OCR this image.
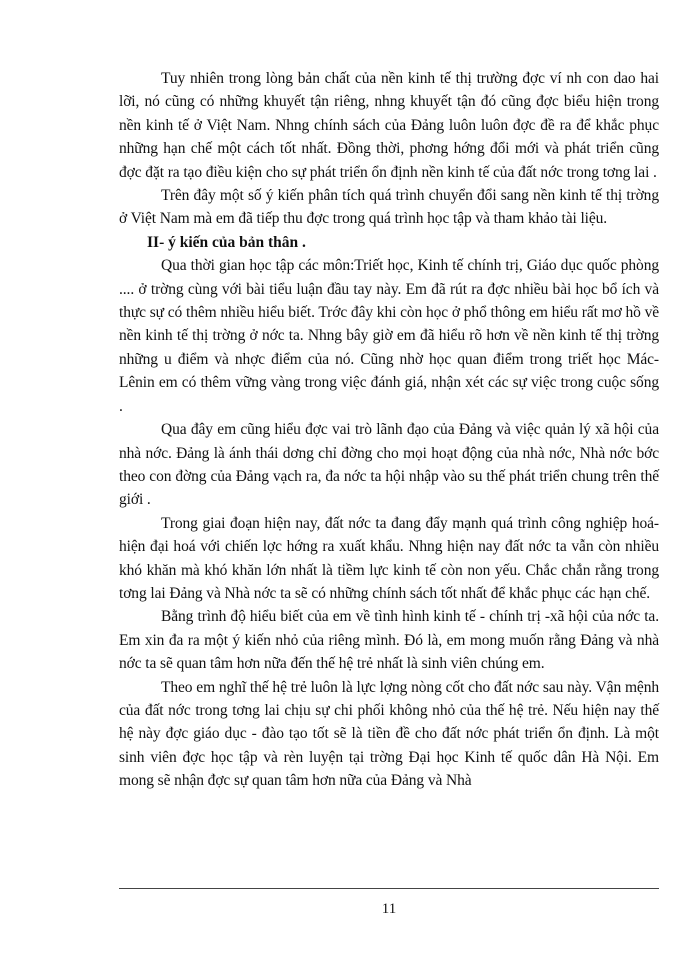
Tuy nhiên trong lòng bản chất của nền kinh tế thị trường đợc ví nh con dao hai lỡi, nó cũng có những khuyết tận riêng, nhng khuyết tận đó cũng đợc biểu hiện trong nền kinh tế ở Việt Nam. Nhng chính sách của Đảng luôn luôn đợc đề ra để khắc phục những hạn chế một cách tốt nhất. Đồng thời, phơng hớng đổi mới và phát triển cũng đợc đặt ra tạo điều kiện cho sự phát triển ổn định nền kinh tế của đất nớc trong tơng lai .

Trên đây một số ý kiến phân tích quá trình chuyển đổi sang nền kinh tế thị trờng ở Việt Nam mà em đã tiếp thu đợc trong quá trình học tập và tham khảo tài liệu.

II- ý kiến của bản thân .

Qua thời gian học tập các môn:Triết học, Kinh tế chính trị, Giáo dục quốc phòng .... ở trờng cùng với bài tiểu luận đầu tay này. Em đã rút ra đợc nhiều bài học bổ ích và thực sự có thêm nhiều hiểu biết. Trớc đây khi còn học ở phổ thông em hiểu rất mơ hồ về nền kinh tế thị trờng ở nớc ta. Nhng bây giờ em đã hiểu rõ hơn về nền kinh tế thị trờng những u điểm và nhợc điểm của nó. Cũng nhờ học quan điểm trong triết học Mác- Lênin em có thêm vững vàng trong việc đánh giá, nhận xét các sự việc trong cuộc sống .

Qua đây em cũng hiểu đợc vai trò lãnh đạo của Đảng và việc quản lý xã hội của nhà nớc. Đảng là ánh thái dơng chỉ đờng cho mọi hoạt động của nhà nớc, Nhà nớc bớc theo con đờng của Đảng vạch ra, đa nớc ta hội nhập vào su thế phát triển chung trên thế giới .

Trong giai đoạn hiện nay, đất nớc ta đang đẩy mạnh quá trình công nghiệp hoá- hiện đại hoá với chiến lợc hớng ra xuất khẩu. Nhng hiện nay đất nớc ta vẫn còn nhiều khó khăn mà khó khăn lớn nhất là tiềm lực kinh tế còn non yếu. Chắc chắn rằng trong tơng lai Đảng và Nhà nớc ta sẽ có những chính sách tốt nhất để khắc phục các hạn chế.

Bằng trình độ hiểu biết của em về tình hình kinh tế - chính trị -xã hội của nớc ta. Em xin đa ra một ý kiến nhỏ của riêng mình. Đó là, em mong muốn rằng Đảng và nhà nớc ta sẽ quan tâm hơn nữa đến thế hệ trẻ nhất là sinh viên chúng em.

Theo em nghĩ thế hệ trẻ luôn là lực lợng nòng cốt cho đất nớc sau này. Vận mệnh của đất nớc trong tơng lai chịu sự chi phối không nhỏ của thế hệ trẻ. Nếu hiện nay thế hệ này đợc giáo dục - đào tạo tốt sẽ là tiền đề cho đất nớc phát triển ổn định. Là một sinh viên đợc học tập và rèn luyện tại trờng Đại học Kinh tế quốc dân Hà Nội. Em mong sẽ nhận đợc sự quan tâm hơn nữa của Đảng và Nhà

11
